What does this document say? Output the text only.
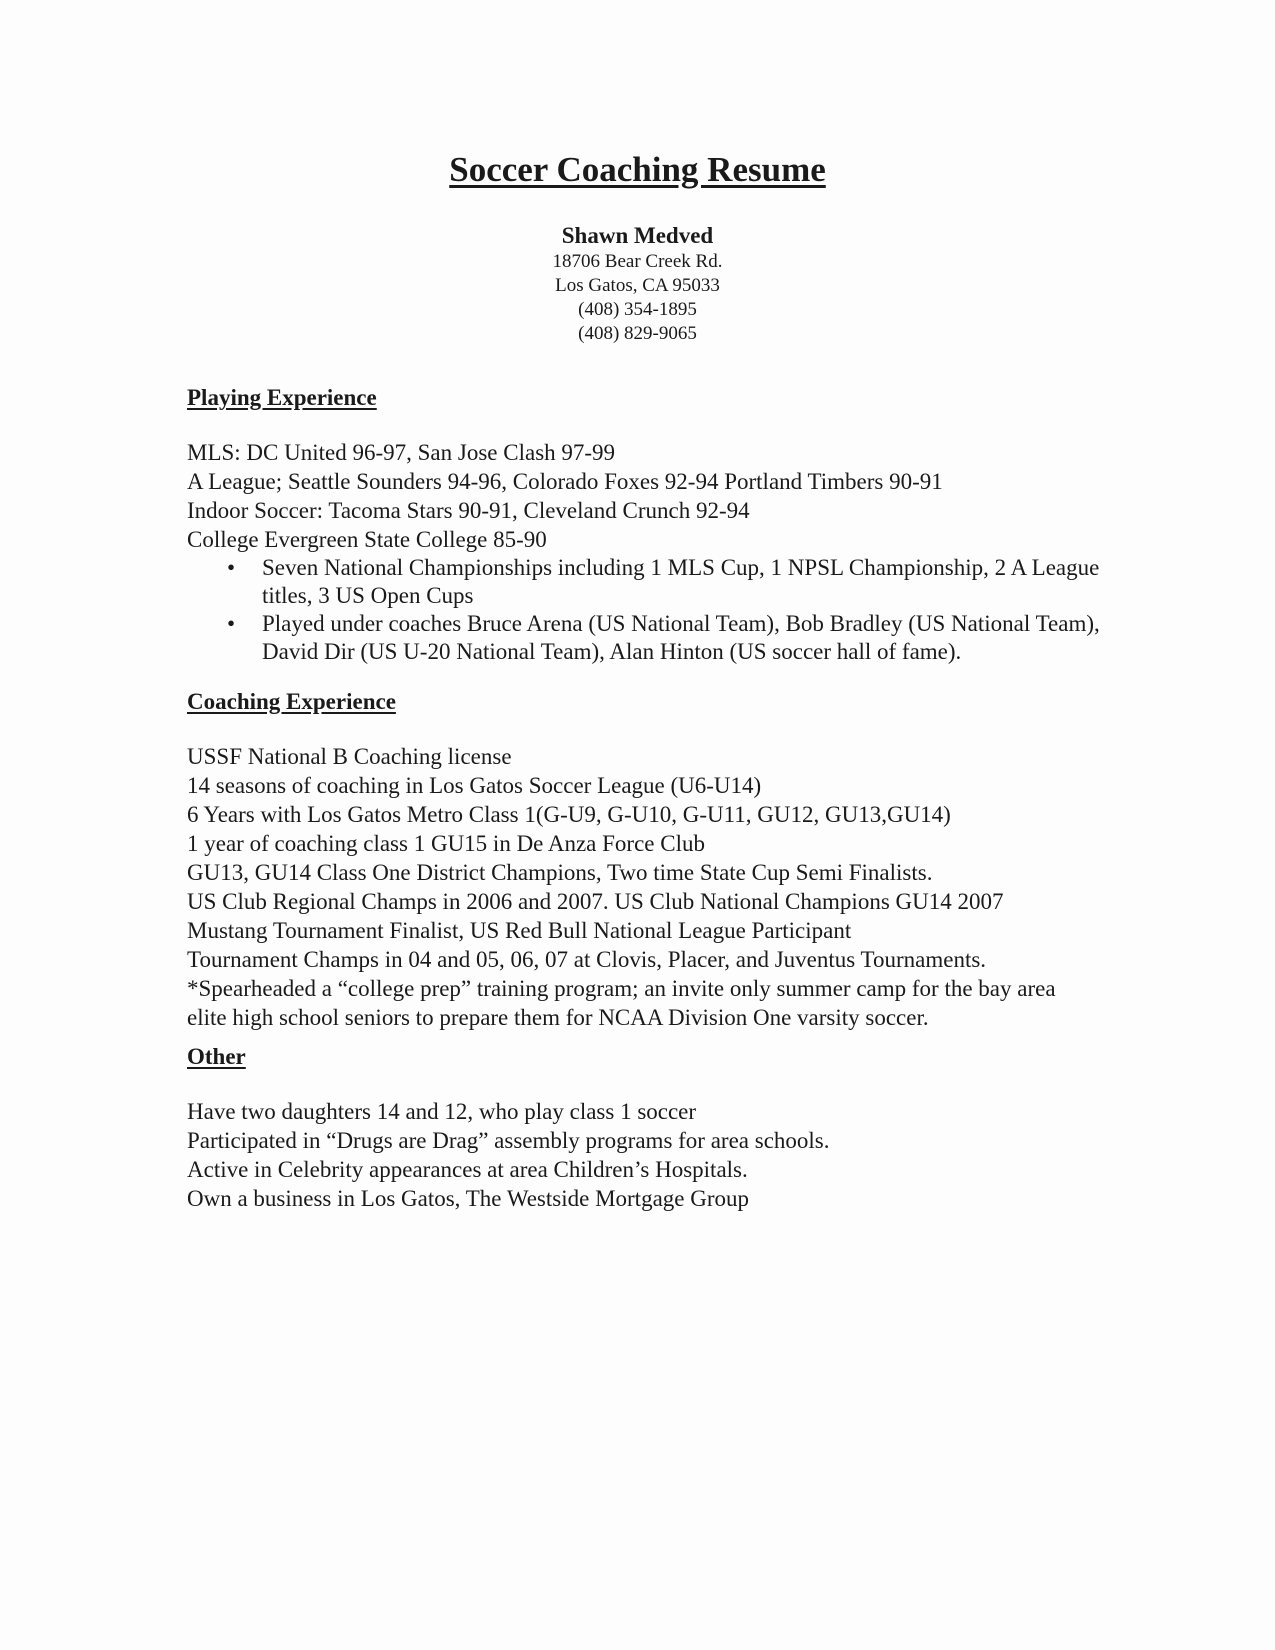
Soccer Coaching Resume

Shawn Medved

18706 Bear Creek Rd.

Los Gatos, CA 95033

(408) 354-1895

(408) 829-9065

Playing Experience

MLS: DC United 96-97, San Jose Clash 97-99

A League; Seattle Sounders 94-96, Colorado Foxes 92-94 Portland Timbers 90-91

Indoor Soccer: Tacoma Stars 90-91, Cleveland Crunch 92-94

College Evergreen State College 85-90

• Seven National Championships including 1 MLS Cup, 1 NPSL Championship, 2 A League titles, 3 US Open Cups
• Played under coaches Bruce Arena (US National Team), Bob Bradley (US National Team), David Dir (US U-20 National Team), Alan Hinton (US soccer hall of fame).
Coaching Experience

USSF National B Coaching license

14 seasons of coaching in Los Gatos Soccer League (U6-U14)

6 Years with Los Gatos Metro Class 1(G-U9, G-U10, G-U11, GU12, GU13,GU14)

1 year of coaching class 1 GU15 in De Anza Force Club

GU13, GU14 Class One District Champions, Two time State Cup Semi Finalists.

US Club Regional Champs in 2006 and 2007. US Club National Champions GU14 2007

Mustang Tournament Finalist, US Red Bull National League Participant

Tournament Champs in 04 and 05, 06, 07 at Clovis, Placer, and Juventus Tournaments.

*Spearheaded a “college prep” training program; an invite only summer camp for the bay area

elite high school seniors to prepare them for NCAA Division One varsity soccer.

Other

Have two daughters 14 and 12, who play class 1 soccer

Participated in “Drugs are Drag” assembly programs for area schools.

Active in Celebrity appearances at area Children’s Hospitals.

Own a business in Los Gatos, The Westside Mortgage Group
